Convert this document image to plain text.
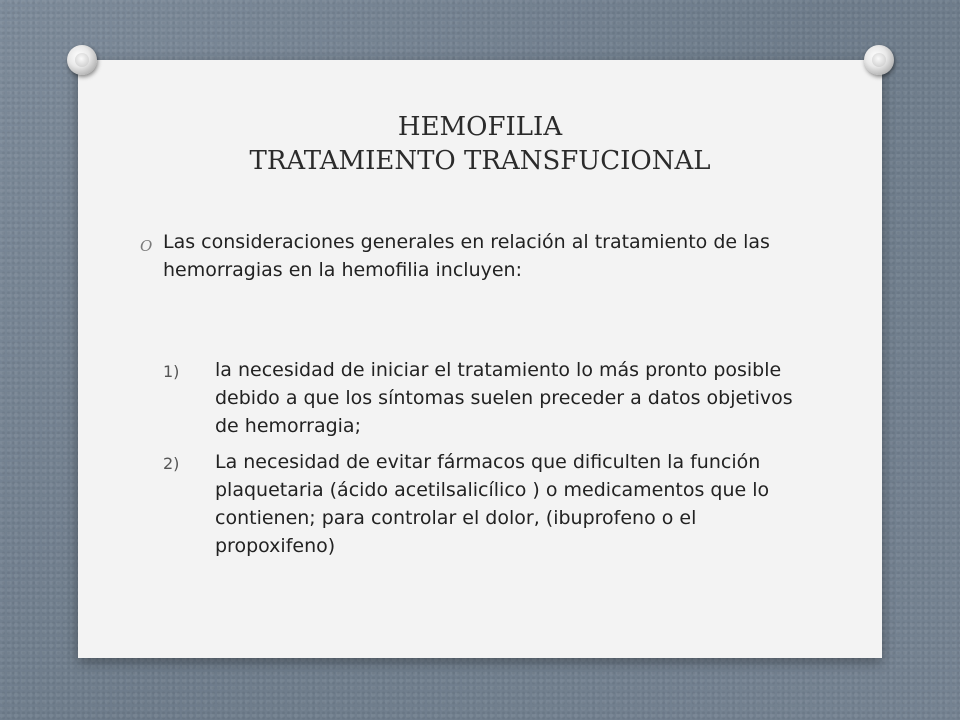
HEMOFILIA
TRATAMIENTO TRANSFUCIONAL
O Las consideraciones generales en relación al tratamiento de las hemorragias en la hemofilia incluyen:
1) la necesidad de iniciar el tratamiento lo más pronto posible debido a que los síntomas suelen preceder a datos objetivos de hemorragia;
2) La necesidad de evitar fármacos que dificulten la función plaquetaria (ácido acetilsalicílico ) o medicamentos que lo contienen; para controlar el dolor, (ibuprofeno o el propoxifeno)
